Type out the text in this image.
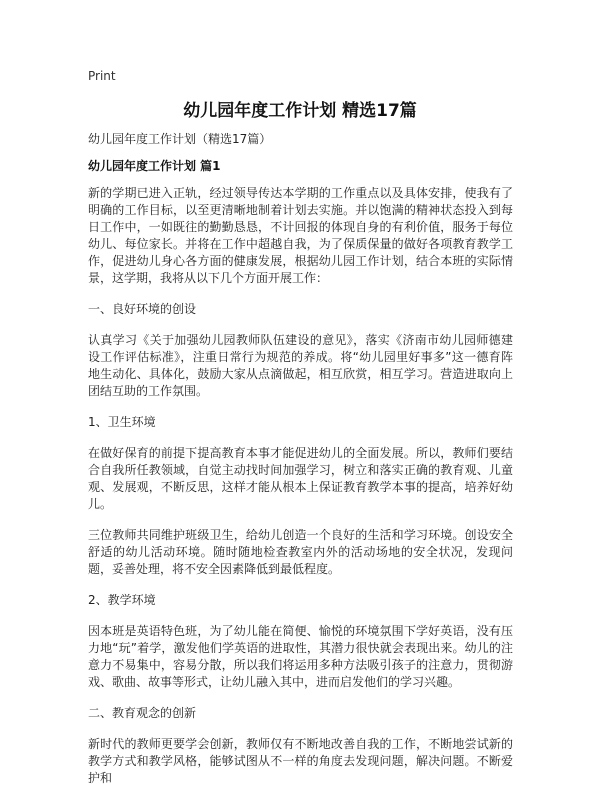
Print
幼儿园年度工作计划 精选17篇

幼儿园年度工作计划（精选17篇）

幼儿园年度工作计划 篇1

新的学期已进入正轨，经过领导传达本学期的工作重点以及具体安排，使我有了明确的工作目标，以至更清晰地制着计划去实施。并以饱满的精神状态投入到每日工作中，一如既往的勤勤恳恳，不计回报的体现自身的有利价值，服务于每位幼儿、每位家长。并将在工作中超越自我，为了保质保量的做好各项教育教学工作，促进幼儿身心各方面的健康发展，根据幼儿园工作计划，结合本班的实际情景，这学期，我将从以下几个方面开展工作：

一、良好环境的创设

认真学习《关于加强幼儿园教师队伍建设的意见》，落实《济南市幼儿园师德建设工作评估标准》，注重日常行为规范的养成。将“幼儿园里好事多”这一德育阵地生动化、具体化，鼓励大家从点滴做起，相互欣赏，相互学习。营造进取向上团结互助的工作氛围。

1、卫生环境

在做好保育的前提下提高教育本事才能促进幼儿的全面发展。所以，教师们要结合自我所任教领域，自觉主动找时间加强学习，树立和落实正确的教育观、儿童观、发展观，不断反思，这样才能从根本上保证教育教学本事的提高，培养好幼儿。

三位教师共同维护班级卫生，给幼儿创造一个良好的生活和学习环境。创设安全舒适的幼儿活动环境。随时随地检查教室内外的活动场地的安全状况，发现问题，妥善处理，将不安全因素降低到最低程度。

2、教学环境

因本班是英语特色班，为了幼儿能在简便、愉悦的环境氛围下学好英语，没有压力地“玩”着学，激发他们学英语的进取性，其潜力很快就会表现出来。幼儿的注意力不易集中，容易分散，所以我们将运用多种方法吸引孩子的注意力，贯彻游戏、歌曲、故事等形式，让幼儿融入其中，进而启发他们的学习兴趣。

二、教育观念的创新

新时代的教师更要学会创新，教师仅有不断地改善自我的工作，不断地尝试新的教学方式和教学风格，能够试图从不一样的角度去发现问题，解决问题。不断爱护和
